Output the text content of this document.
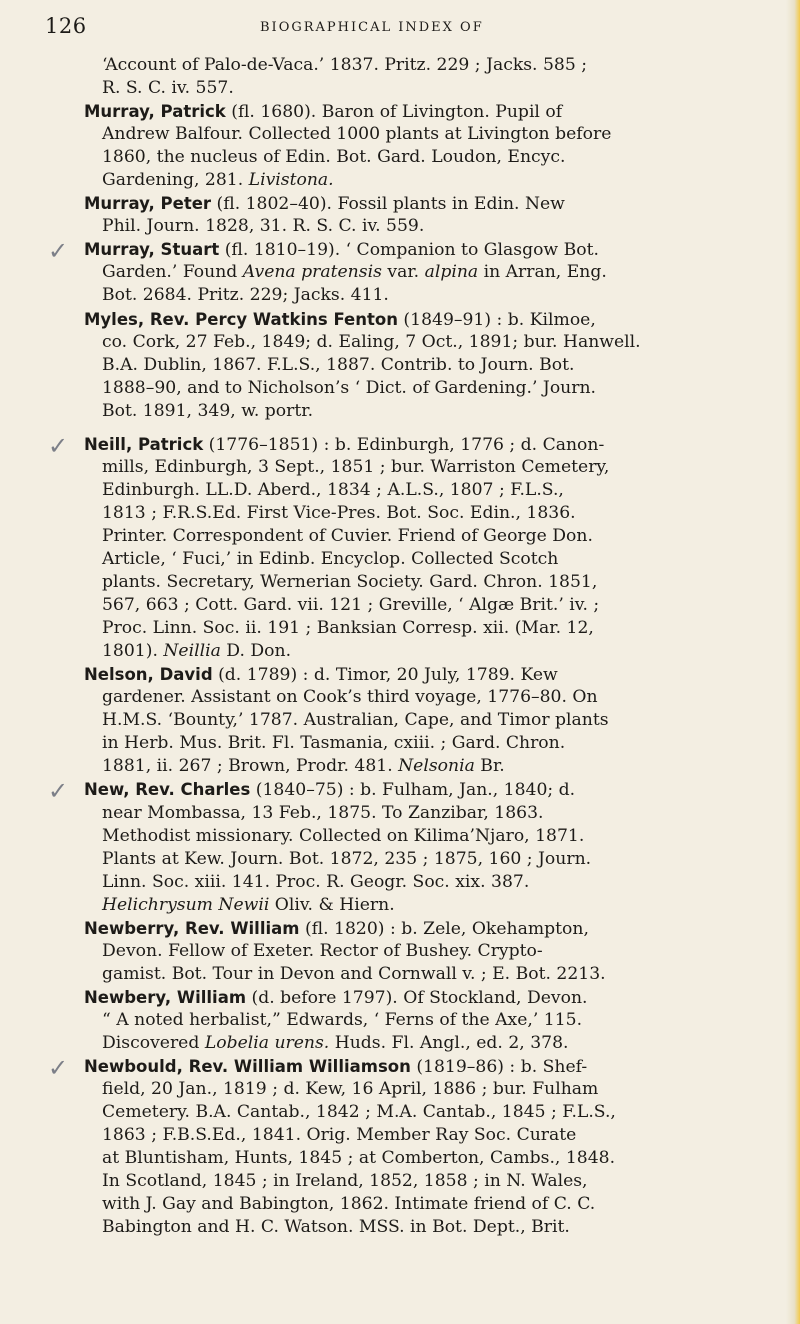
126	BIOGRAPHICAL INDEX OF
‘Account of Palo-de-Vaca.’ 1837. Pritz. 229 ; Jacks. 585 ;
R. S. C. iv. 557.
Murray, Patrick (fl. 1680). Baron of Livington. Pupil of
Andrew Balfour. Collected 1000 plants at Livington before
1860, the nucleus of Edin. Bot. Gard. Loudon, Encyc.
Gardening, 281. Livistona.
Murray, Peter (fl. 1802–40). Fossil plants in Edin. New
Phil. Journ. 1828, 31. R. S. C. iv. 559.
✓ Murray, Stuart (fl. 1810–19). ‘ Companion to Glasgow Bot.
Garden.’ Found Avena pratensis var. alpina in Arran, Eng.
Bot. 2684. Pritz. 229; Jacks. 411.
Myles, Rev. Percy Watkins Fenton (1849–91) : b. Kilmoe,
co. Cork, 27 Feb., 1849; d. Ealing, 7 Oct., 1891; bur. Hanwell.
B.A. Dublin, 1867. F.L.S., 1887. Contrib. to Journ. Bot.
1888–90, and to Nicholson’s ‘ Dict. of Gardening.’ Journ.
Bot. 1891, 349, w. portr.
✓ Neill, Patrick (1776–1851) : b. Edinburgh, 1776 ; d. Canon-
mills, Edinburgh, 3 Sept., 1851 ; bur. Warriston Cemetery,
Edinburgh. LL.D. Aberd., 1834 ; A.L.S., 1807 ; F.L.S.,
1813 ; F.R.S.Ed. First Vice-Pres. Bot. Soc. Edin., 1836.
Printer. Correspondent of Cuvier. Friend of George Don.
Article, ‘ Fuci,’ in Edinb. Encyclop. Collected Scotch
plants. Secretary, Wernerian Society. Gard. Chron. 1851,
567, 663 ; Cott. Gard. vii. 121 ; Greville, ‘ Algæ Brit.’ iv. ;
Proc. Linn. Soc. ii. 191 ; Banksian Corresp. xii. (Mar. 12,
1801). Neillia D. Don.
Nelson, David (d. 1789) : d. Timor, 20 July, 1789. Kew
gardener. Assistant on Cook’s third voyage, 1776–80. On
H.M.S. ‘Bounty,’ 1787. Australian, Cape, and Timor plants
in Herb. Mus. Brit. Fl. Tasmania, cxiii. ; Gard. Chron.
1881, ii. 267 ; Brown, Prodr. 481. Nelsonia Br.
✓ New, Rev. Charles (1840–75) : b. Fulham, Jan., 1840; d.
near Mombassa, 13 Feb., 1875. To Zanzibar, 1863.
Methodist missionary. Collected on Kilima’Njaro, 1871.
Plants at Kew. Journ. Bot. 1872, 235 ; 1875, 160 ; Journ.
Linn. Soc. xiii. 141. Proc. R. Geogr. Soc. xix. 387.
Helichrysum Newii Oliv. & Hiern.
Newberry, Rev. William (fl. 1820) : b. Zele, Okehampton,
Devon. Fellow of Exeter. Rector of Bushey. Crypto-
gamist. Bot. Tour in Devon and Cornwall v. ; E. Bot. 2213.
Newbery, William (d. before 1797). Of Stockland, Devon.
“ A noted herbalist,” Edwards, ‘ Ferns of the Axe,’ 115.
Discovered Lobelia urens. Huds. Fl. Angl., ed. 2, 378.
✓ Newbould, Rev. William Williamson (1819–86) : b. Shef-
field, 20 Jan., 1819 ; d. Kew, 16 April, 1886 ; bur. Fulham
Cemetery. B.A. Cantab., 1842 ; M.A. Cantab., 1845 ; F.L.S.,
1863 ; F.B.S.Ed., 1841. Orig. Member Ray Soc. Curate
at Bluntisham, Hunts, 1845 ; at Comberton, Cambs., 1848.
In Scotland, 1845 ; in Ireland, 1852, 1858 ; in N. Wales,
with J. Gay and Babington, 1862. Intimate friend of C. C.
Babington and H. C. Watson. MSS. in Bot. Dept., Brit.
